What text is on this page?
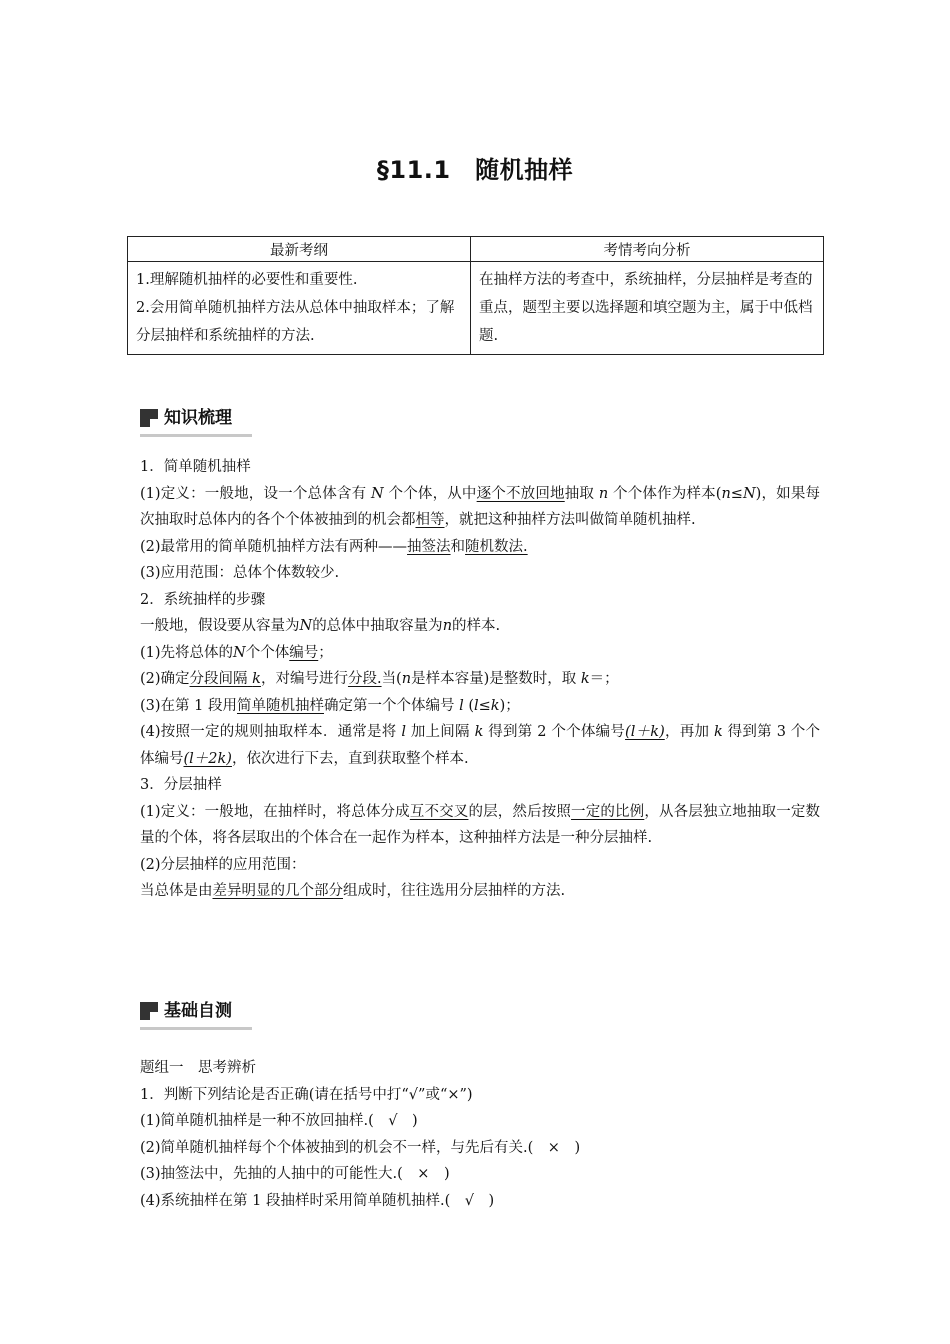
§11.1　随机抽样
最新考纲	考情考向分析

1.理解随机抽样的必要性和重要性.
2.会用简单随机抽样方法从总体中抽取样本；了解分层抽样和系统抽样的方法.	在抽样方法的考查中，系统抽样，分层抽样是考查的重点，题型主要以选择题和填空题为主，属于中低档题.
知识梳理

1．简单随机抽样

(1)定义：一般地，设一个总体含有 N 个个体，从中逐个不放回地抽取 n 个个体作为样本(n≤N)，如果每次抽取时总体内的各个个体被抽到的机会都相等，就把这种抽样方法叫做简单随机抽样.

(2)最常用的简单随机抽样方法有两种——抽签法和随机数法.

(3)应用范围：总体个体数较少.

2．系统抽样的步骤

一般地，假设要从容量为N的总体中抽取容量为n的样本.

(1)先将总体的N个个体编号；

(2)确定分段间隔 k，对编号进行分段.当(n是样本容量)是整数时，取 k＝；

(3)在第 1 段用简单随机抽样确定第一个个体编号 l (l≤k)；

(4)按照一定的规则抽取样本．通常是将 l 加上间隔 k 得到第 2 个个体编号(l＋k)，再加 k 得到第 3 个个体编号(l＋2k)，依次进行下去，直到获取整个样本.

3．分层抽样

(1)定义：一般地，在抽样时，将总体分成互不交叉的层，然后按照一定的比例，从各层独立地抽取一定数量的个体，将各层取出的个体合在一起作为样本，这种抽样方法是一种分层抽样.

(2)分层抽样的应用范围：

当总体是由差异明显的几个部分组成时，往往选用分层抽样的方法.

基础自测

题组一　思考辨析

1．判断下列结论是否正确(请在括号中打“√”或“×”)

(1)简单随机抽样是一种不放回抽样.(　√　)

(2)简单随机抽样每个个体被抽到的机会不一样，与先后有关.(　×　)

(3)抽签法中，先抽的人抽中的可能性大.(　×　)

(4)系统抽样在第 1 段抽样时采用简单随机抽样.(　√　)
